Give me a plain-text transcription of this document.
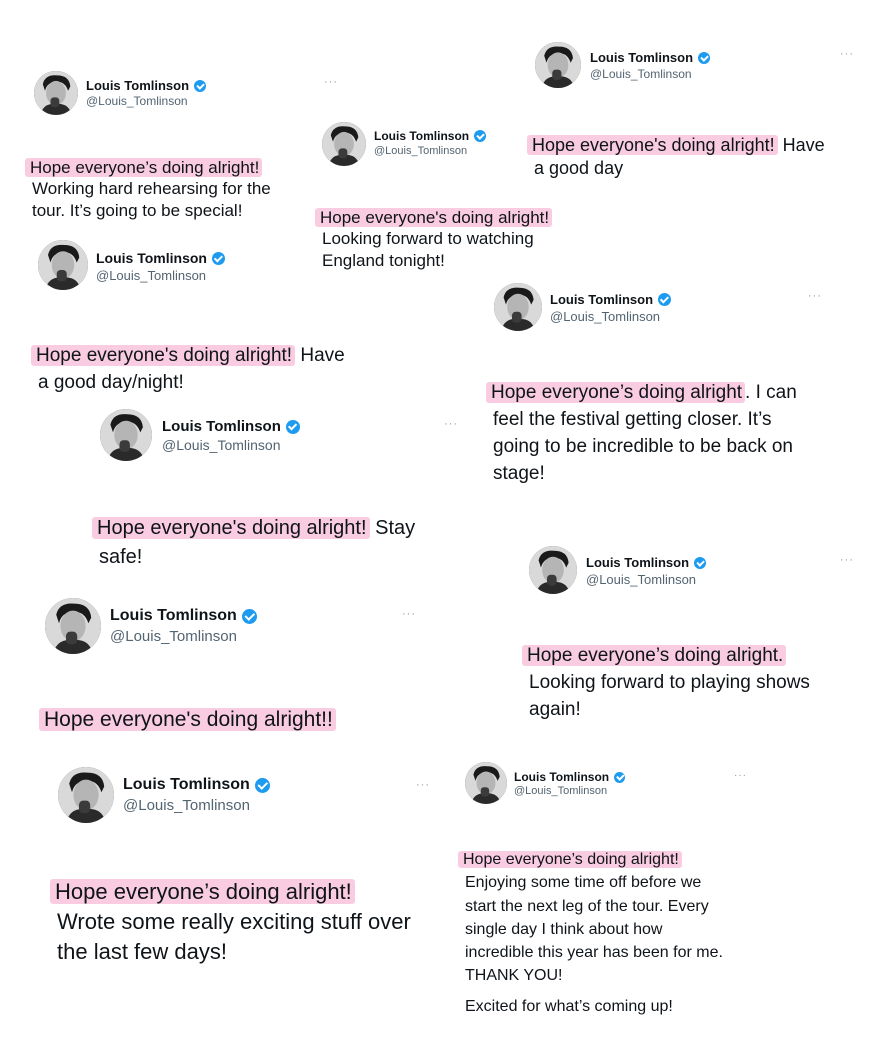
Louis Tomlinson
@Louis_Tomlinson
···

Hope everyone’s doing alright!
Working hard rehearsing for the
tour. It’s going to be special!

Louis Tomlinson
@Louis_Tomlinson

Hope everyone's doing alright!
Looking forward to watching
England tonight!

Louis Tomlinson
@Louis_Tomlinson
···

Hope everyone's doing alright! Have
a good day

Louis Tomlinson
@Louis_Tomlinson

Hope everyone's doing alright! Have
a good day/night!

Louis Tomlinson
@Louis_Tomlinson
···

Hope everyone’s doing alright . I can
feel the festival getting closer. It’s
going to be incredible to be back on
stage!

Louis Tomlinson
@Louis_Tomlinson
···

Hope everyone's doing alright! Stay
safe!	Louis Tomlinson
@Louis_Tomlinson
···

Hope everyone’s doing alright.
Looking forward to playing shows
again!

Louis Tomlinson
@Louis_Tomlinson
···

Hope everyone's doing alright!!

Louis Tomlinson
@Louis_Tomlinson
···

Hope everyone’s doing alright!
Wrote some really exciting stuff over
the last few days!

Louis Tomlinson
@Louis_Tomlinson
···

Hope everyone’s doing alright!
Enjoying some time off before we
start the next leg of the tour. Every
single day I think about how
incredible this year has been for me.
THANK YOU!

Excited for what’s coming up!
